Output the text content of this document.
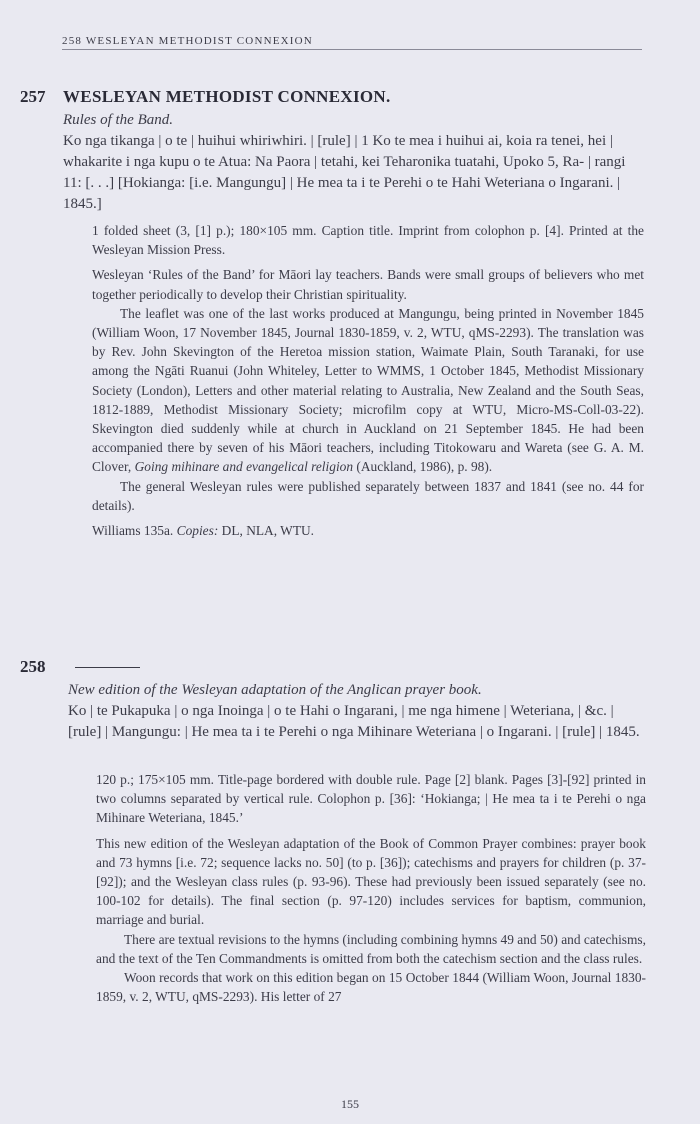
258 WESLEYAN METHODIST CONNEXION
257 WESLEYAN METHODIST CONNEXION.
Rules of the Band.
Ko nga tikanga | o te | huihui whiriwhiri. | [rule] | 1 Ko te mea i huihui ai, koia ra tenei, hei | whakarite i nga kupu o te Atua: Na Paora | tetahi, kei Teharonika tuatahi, Upoko 5, Ra- | rangi 11: [. . .] [Hokianga: [i.e. Mangungu] | He mea ta i te Perehi o te Hahi Weteriana o Ingarani. | 1845.]

1 folded sheet (3, [1] p.); 180×105 mm. Caption title. Imprint from colophon p. [4]. Printed at the Wesleyan Mission Press.

Wesleyan ‘Rules of the Band’ for Māori lay teachers. Bands were small groups of believers who met together periodically to develop their Christian spirituality.

The leaflet was one of the last works produced at Mangungu, being printed in November 1845 (William Woon, 17 November 1845, Journal 1830-1859, v. 2, WTU, qMS-2293). The translation was by Rev. John Skevington of the Heretoa mission station, Waimate Plain, South Taranaki, for use among the Ngāti Ruanui (John Whiteley, Letter to WMMS, 1 October 1845, Methodist Missionary Society (London), Letters and other material relating to Australia, New Zealand and the South Seas, 1812-1889, Methodist Missionary Society; microfilm copy at WTU, Micro-MS-Coll-03-22). Skevington died suddenly while at church in Auckland on 21 September 1845. He had been accompanied there by seven of his Māori teachers, including Titokowaru and Wareta (see G. A. M. Clover, Going mihinare and evangelical religion (Auckland, 1986), p. 98).

The general Wesleyan rules were published separately between 1837 and 1841 (see no. 44 for details).

Williams 135a. Copies: DL, NLA, WTU.

258
New edition of the Wesleyan adaptation of the Anglican prayer book.
Ko | te Pukapuka | o nga Inoinga | o te Hahi o Ingarani, | me nga himene | Weteriana, | &c. | [rule] | Mangungu: | He mea ta i te Perehi o nga Mihinare Weteriana | o Ingarani. | [rule] | 1845.

120 p.; 175×105 mm. Title-page bordered with double rule. Page [2] blank. Pages [3]-[92] printed in two columns separated by vertical rule. Colophon p. [36]: ‘Hokianga; | He mea ta i te Perehi o nga Mihinare Weteriana, 1845.’

This new edition of the Wesleyan adaptation of the Book of Common Prayer combines: prayer book and 73 hymns [i.e. 72; sequence lacks no. 50] (to p. [36]); catechisms and prayers for children (p. 37-[92]); and the Wesleyan class rules (p. 93-96). These had previously been issued separately (see no. 100-102 for details). The final section (p. 97-120) includes services for baptism, communion, marriage and burial.

There are textual revisions to the hymns (including combining hymns 49 and 50) and catechisms, and the text of the Ten Commandments is omitted from both the catechism section and the class rules.

Woon records that work on this edition began on 15 October 1844 (William Woon, Journal 1830-1859, v. 2, WTU, qMS-2293). His letter of 27

155
